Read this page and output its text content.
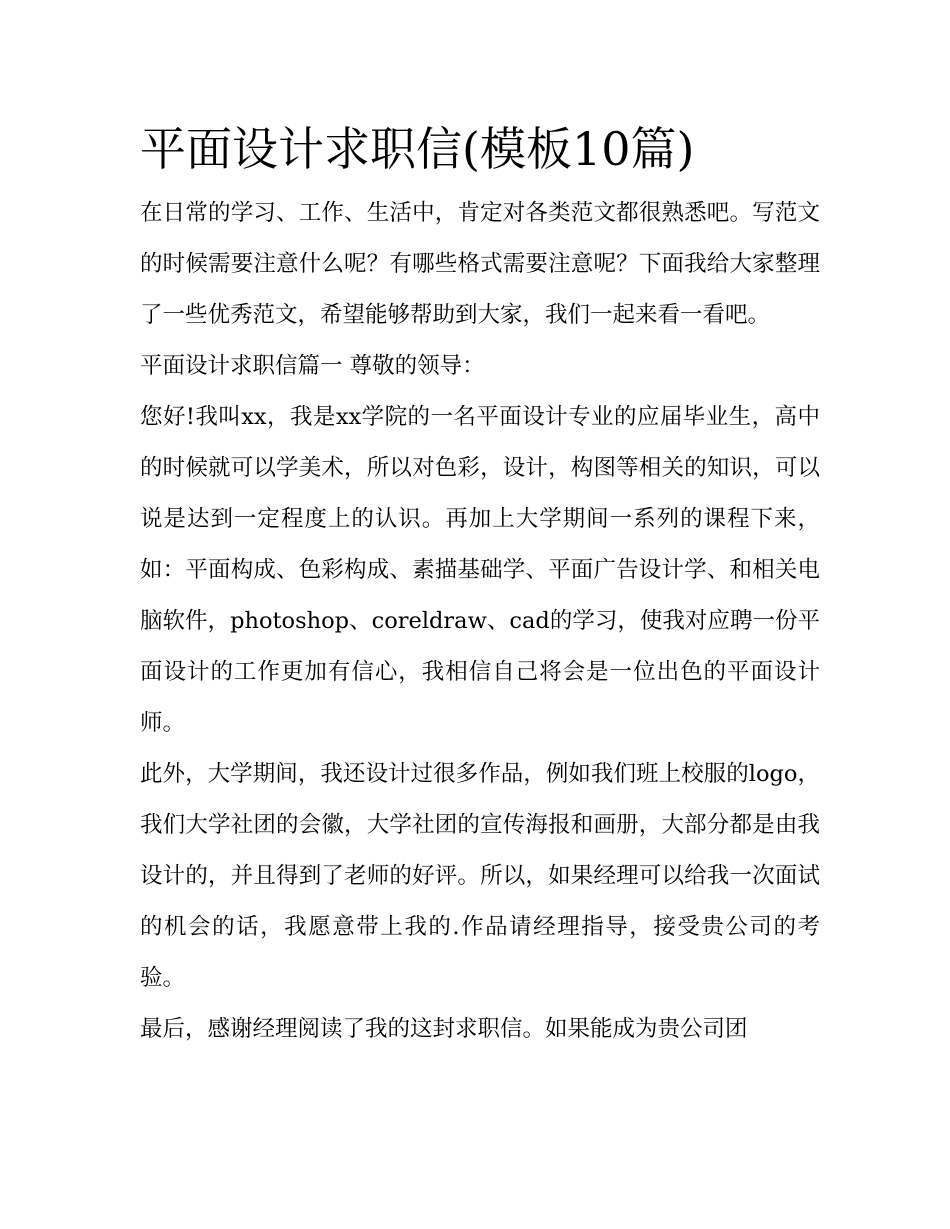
平面设计求职信(模板10篇)

在日常的学习、工作、生活中，肯定对各类范文都很熟悉吧。写范文的时候需要注意什么呢？有哪些格式需要注意呢？下面我给大家整理了一些优秀范文，希望能够帮助到大家，我们一起来看一看吧。

平面设计求职信篇一 尊敬的领导：

您好!我叫xx，我是xx学院的一名平面设计专业的应届毕业生，高中的时候就可以学美术，所以对色彩，设计，构图等相关的知识，可以说是达到一定程度上的认识。再加上大学期间一系列的课程下来，如：平面构成、色彩构成、素描基础学、平面广告设计学、和相关电脑软件，photoshop、coreldraw、cad的学习，使我对应聘一份平面设计的工作更加有信心，我相信自己将会是一位出色的平面设计师。

此外，大学期间，我还设计过很多作品，例如我们班上校服的logo，我们大学社团的会徽，大学社团的宣传海报和画册，大部分都是由我设计的，并且得到了老师的好评。所以，如果经理可以给我一次面试的机会的话，我愿意带上我的.作品请经理指导，接受贵公司的考验。

最后，感谢经理阅读了我的这封求职信。如果能成为贵公司团
